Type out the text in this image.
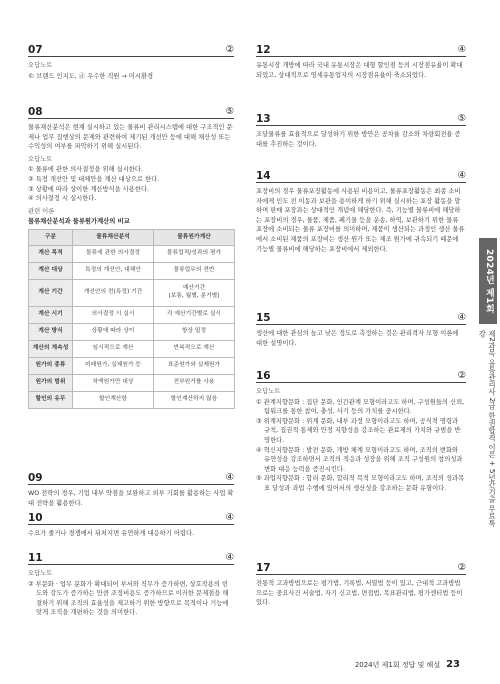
07	②

오답노트

© 브랜드 인지도, ⓓ 우수한 직원 → 미시환경

08	⑤

물류재산분석은 현재 실시하고 있는 물류비 관리시스템에 대한 구조적인 문제나 업무 집행상의 문제와 관련하여 제기된 개선안 등에 대해 채산성 또는 수익성의 여부를 파악하기 위해 실시된다.

오답노트

① 물류에 관한 의사결정을 위해 실시한다.

② 특정 개선안 및 대체안을 계산 대상으로 한다.

③ 상황에 따라 상이한 계산방식을 사용한다.

④ 의사결정 시 실시한다.

관련 이론

물류채산분석과 물류원가계산의 비교

구분	물류채산분석	물류원가계산
계산 목적	물류에 관한 의사결정	물류업적/성과의 평가
계산 대상	특정의 개선안, 대체안	물류업무의 전반
계산 기간	개선안의 전(특정) 기간	예산기간
(보통, 월별, 분기별)
계산 시기	의사결정 시 실시	각 예산기간별로 실시
계산 방식	상황에 따라 상이	항상 일정
계산의 계속성	임시적으로 계산	반복적으로 계산
원가의 종류	미래원가, 실제원가 등	표준원가와 실제원가
원가의 범위	차액원가만 대상	전부원가를 사용
할인의 유무	할인계산함	할인계산하지 않음
09	④

WO 전략의 경우, 기업 내부 약점을 보완하고 외부 기회를 활용하는 사업 확대 전략을 활용한다.

10	④

수요가 줄거나 경쟁에서 뒤처지면 유연하게 대응하기 어렵다.

11	④

오답노트

② 부문화 · 업무 분화가 확대되어 부서와 직무가 증가하면, 상호작용의 빈도와 강도가 증가하는 만큼 조정비용도 증가하므로 이러한 문제점을 해결하기 위해 조직의 효율성을 제고하기 위한 방향으로 목적이나 기능에 맞게 조직을 개편하는 것을 의미한다.

12	④

유통시장 개방에 따라 국내 유통시장은 대형 할인점 등의 시장점유율이 확대되었고, 상대적으로 영세유통업자의 시장점유율이 축소되었다.

13	⑤

조달물류를 효율적으로 달성하기 위한 방안은 공차율 감소와 차량회전율 증대를 추진하는 것이다.

14	④

포장비의 경우 물류포장활동에 사용된 비용이고, 물류포장활동은 최종 소비자에게 인도 전 이동과 보관을 용이하게 하기 위해 실시하는 포장 활동을 말하며 판매 포장과는 상대적인 개념에 해당한다. 즉, 기능별 물류비에 해당하는 포장비의 경우, 물품, 제품, 폐기물 등을 운송, 하역, 보관하기 위한 물류 포장에 소비되는 물류 포장비를 의미하며, 제품이 생산되는 과정인 생산 물류에서 소비된 제품의 포장비는 생산 원가 또는 제조 원가에 귀속되기 때문에 기능별 물류비에 해당하는 포장비에서 제외한다.

15	④

생산에 대한 관심의 높고 낮은 정도로 측정하는 것은 관리격자 모형 이론에 대한 설명이다.

16	②

오답노트

① 관계지향문화 : 집단 문화, 인간관계 모형이라고도 하며, 구성원들의 신뢰, 팀워크를 통한 참여, 충성, 사기 등의 가치를 중시한다.

③ 위계지향문화 : 위계 문화, 내부 과정 모형이라고도 하며, 공식적 명령과 규칙, 집권적 통제와 안정 지향성을 강조하는 관료제의 가치와 규범을 반영한다.

④ 혁신지향문화 : 발전 문화, 개방 체계 모형이라고도 하며, 조직의 변화와 유연성을 강조하면서 조직의 적응과 성장을 위해 조직 구성원의 창의성과 변화 대응 능력을 증진시킨다.

⑤ 과업지향문화 : 합리 문화, 합리적 목적 모형이라고도 하며, 조직의 성과목표 달성과 과업 수행에 있어서의 생산성을 강조하는 문화 유형이다.

17	②

전통적 고과방법으로는 평가법, 기록법, 서열법 등이 있고, 근대적 고과방법으로는 중요사건 서술법, 자기 신고법, 면접법, 목표관리법, 평가센터법 등이 있다.

2024년 제1회
제2과목 유통관리사 2급 한권합격 이론 + 5년간기출 무료특강
2024년 제1회 정답 및 해설 23
